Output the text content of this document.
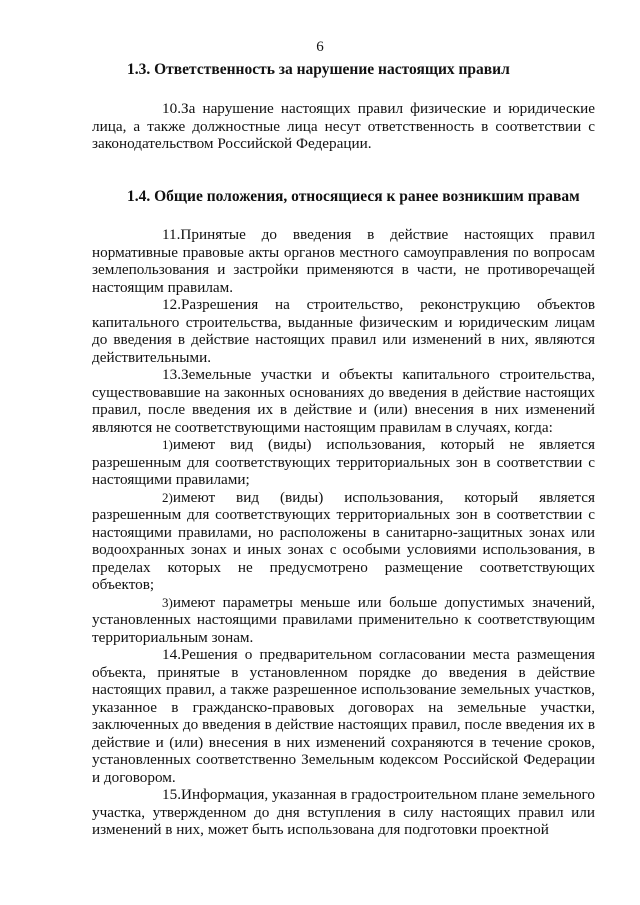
6
1.3. Ответственность за нарушение настоящих правил

10.За нарушение настоящих правил физические и юридические лица, а также должностные лица несут ответственность в соответствии с законодательством Российской Федерации.

1.4. Общие положения, относящиеся к ранее возникшим правам

11.Принятые до введения в действие настоящих правил нормативные правовые акты органов местного самоуправления по вопросам землепользования и застройки применяются в части, не противоречащей настоящим правилам.

12.Разрешения на строительство, реконструкцию объектов капитального строительства, выданные физическим и юридическим лицам до введения в действие настоящих правил или изменений в них, являются действительными.

13.Земельные участки и объекты капитального строительства, существовавшие на законных основаниях до введения в действие настоящих правил, после введения их в действие и (или) внесения в них изменений являются не соответствующими настоящим правилам в случаях, когда:

1)имеют вид (виды) использования, который не является разрешенным для соответствующих территориальных зон в соответствии с настоящими правилами;

2)имеют вид (виды) использования, который является разрешенным для соответствующих территориальных зон в соответствии с настоящими правилами, но расположены в санитарно-защитных зонах или водоохранных зонах и иных зонах с особыми условиями использования, в пределах которых не предусмотрено размещение соответствующих объектов;

3)имеют параметры меньше или больше допустимых значений, установленных настоящими правилами применительно к соответствующим территориальным зонам.

14.Решения о предварительном согласовании места размещения объекта, принятые в установленном порядке до введения в действие настоящих правил, а также разрешенное использование земельных участков, указанное в гражданско-правовых договорах на земельные участки, заключенных до введения в действие настоящих правил, после введения их в действие и (или) внесения в них изменений сохраняются в течение сроков, установленных соответственно Земельным кодексом Российской Федерации и договором.

15.Информация, указанная в градостроительном плане земельного участка, утвержденном до дня вступления в силу настоящих правил или изменений в них, может быть использована для подготовки проектной
